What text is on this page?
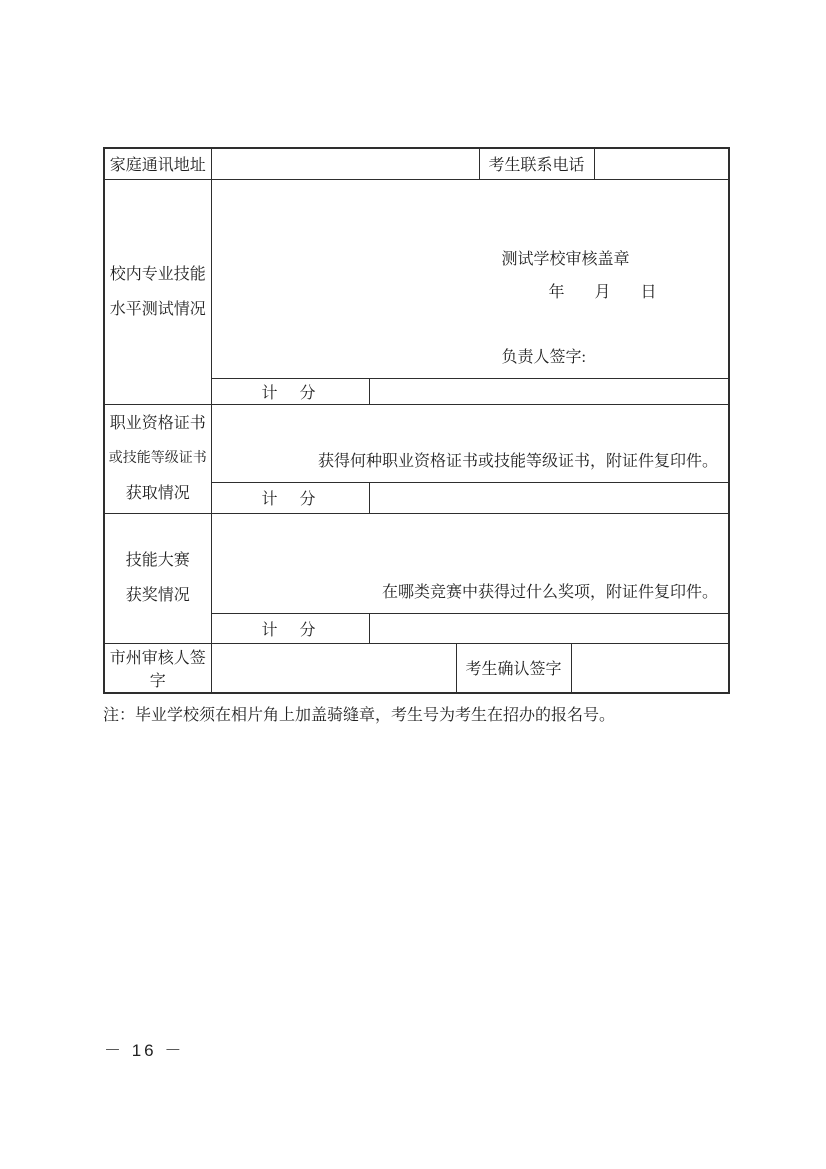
家庭通讯地址				考生联系电话		

校内专业技能
水平测试情况

测试学校审核盖章
年　月　日
负责人签字:

	计　分					

职业资格证书
或技能等级证书
获取情况	获得何种职业资格证书或技能等级证书，附证件复印件。					

	计　分					

技能大赛
获奖情况	在哪类竞赛中获得过什么奖项，附证件复印件。					

	计　分					
市州审核人签字			考生确认签字			
注：毕业学校须在相片角上加盖骑缝章，考生号为考生在招办的报名号。
－ 16 －
